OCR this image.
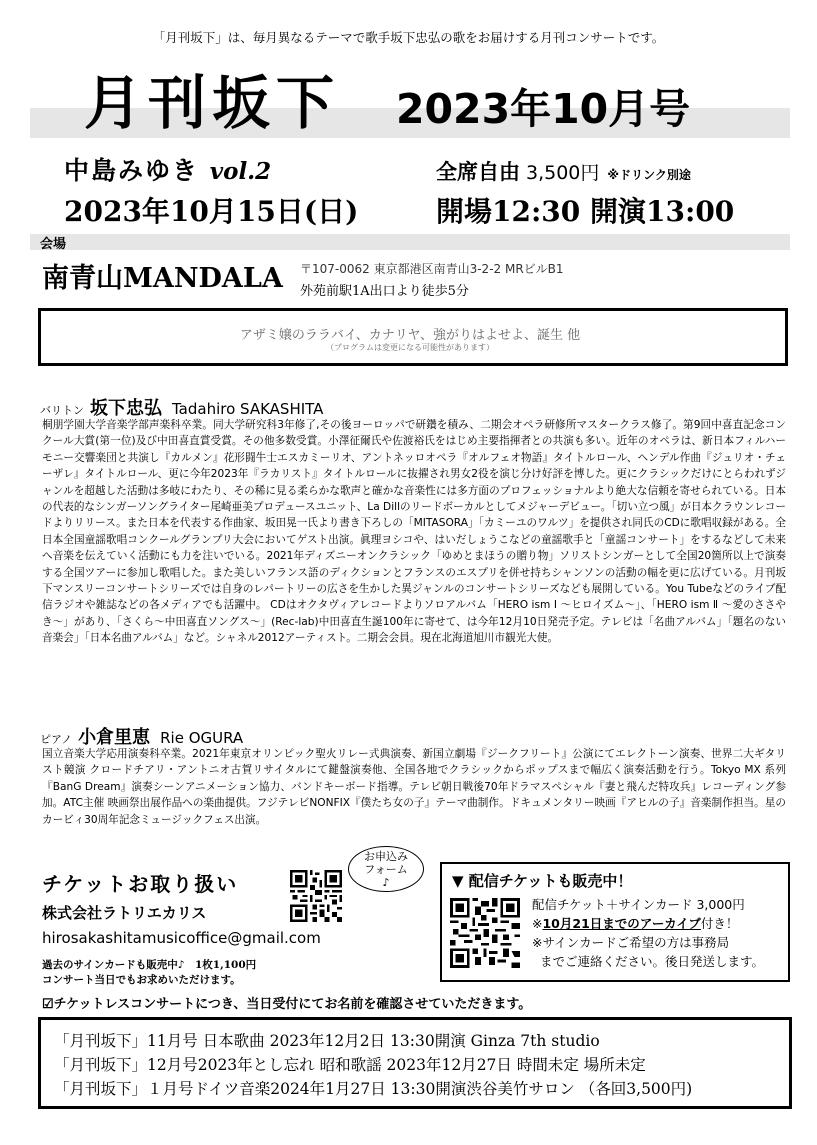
「月刊坂下」は、毎月異なるテーマで歌手坂下忠弘の歌をお届けする月刊コンサートです。
月刊坂下 2023年10月号
中島みゆき vol.2	全席自由 3,500円 ※ドリンク別途
2023年10月15日(日)	開場12:30 開演13:00
会場
南青山MANDALA 〒107-0062 東京都港区南青山3-2-2 MRビルB1
外苑前駅1A出口より徒歩5分
アザミ嬢のララバイ、カナリヤ、強がりはよせよ、誕生 他
（プログラムは変更になる可能性があります）
バリトン 坂下忠弘 Tadahiro SAKASHITA
桐朋学園大学音楽学部声楽科卒業。同大学研究科3年修了,その後ヨーロッパで研鑽を積み、二期会オペラ研修所マスタークラス修了。第9回中喜直記念コンクール大賞(第一位)及び中田喜直賞受賞。その他多数受賞。小澤征爾氏や佐渡裕氏をはじめ主要指揮者との共演も多い。近年のオペラは、新日本フィルハーモニー交響楽団と共演し『カルメン』花形闘牛士エスカミーリオ、アントネッロオペラ『オルフェオ物語』タイトルロール、ヘンデル作曲『ジュリオ・チェーザレ』タイトルロール、更に今年2023年『ラカリスト』タイトルロールに抜擢され男女2役を演じ分け好評を博した。更にクラシックだけにとらわれずジャンルを超越した活動は多岐にわたり、その稀に見る柔らかな歌声と確かな音楽性には多方面のプロフェッショナルより絶大な信頼を寄せられている。日本の代表的なシンガーソングライター尾崎亜美プロデュースユニット、La Dillのリードボーカルとしてメジャーデビュー。「切い立つ風」が日本クラウンレコードよりリリース。また日本を代表する作曲家、坂田晃一氏より書き下ろしの「MITASORA」「カミーユのワルツ」を提供され同氏のCDに歌唱収録がある。全日本全国童謡歌唱コンクールグランプリ大会においてゲスト出演。眞理ヨシコや、はいだしょうこなどの童謡歌手と「童謡コンサート」をするなどして未来へ音楽を伝えていく活動にも力を注いでいる。2021年ディズニーオンクラシック「ゆめとまほうの贈り物」ソリストシンガーとして全国20箇所以上で演奏する全国ツアーに参加し歌唱した。また美しいフランス語のディクションとフランスのエスプリを併せ持ちシャンソンの活動の幅を更に広げている。月刊坂下マンスリーコンサートシリーズでは自身のレパートリーの広さを生かした異ジャンルのコンサートシリーズなども展開している。You Tubeなどのライブ配信ラジオや雑誌などの各メディアでも活躍中。 CDはオクタヴィアレコードよりソロアルバム「HERO ism Ⅰ ～ヒロイズム～」、「HERO ism Ⅱ ～愛のささやき～」があり、「さくら～中田喜直ソングス～」(Rec-lab)中田喜直生誕100年に寄せて、は今年12月10日発売予定。テレビは「名曲アルバム」「題名のない音楽会」「日本名曲アルバム」など。シャネル2012アーティスト。二期会会員。現在北海道旭川市観光大使。
ピアノ 小倉里恵 Rie OGURA
国立音楽大学応用演奏科卒業。2021年東京オリンピック聖火リレー式典演奏、新国立劇場『ジークフリート』公演にてエレクトーン演奏、世界二大ギタリスト競演 クロードチアリ・アントニオ古賀リサイタルにて鍵盤演奏他、全国各地でクラシックからポップスまで幅広く演奏活動を行う。Tokyo MX 系列『BanG Dream』演奏シーンアニメーション協力、バンドキーボード指導。テレビ朝日戦後70年ドラマスペシャル『妻と飛んだ特攻兵』レコーディング参加。ATC主催 映画祭出展作品への楽曲提供。フジテレビNONFIX『僕たち女の子』テーマ曲制作。ドキュメンタリー映画『アヒルの子』音楽制作担当。星のカービィ30周年記念ミュージックフェス出演。
チケットお取り扱い
株式会社ラトリエカリス
hirosakashitamusicoffice@gmail.com
過去のサインカードも販売中♪　1枚1,100円
コンサート当日でもお求めいただけます。
お申込み
フォーム
♪	▼ 配信チケットも販売中！
配信チケット＋サインカード 3,000円
※10月21日までのアーカイブ付き！
※サインカードご希望の方は事務局
までご連絡ください。後日発送します。
☑チケットレスコンサートにつき、当日受付にてお名前を確認させていただきます。
「月刊坂下」11月号 日本歌曲 2023年12月2日 13:30開演 Ginza 7th studio
「月刊坂下」12月号2023年とし忘れ 昭和歌謡 2023年12月27日 時間未定 場所未定
「月刊坂下」１月号ドイツ音楽2024年1月27日 13:30開演渋谷美竹サロン （各回3,500円)
